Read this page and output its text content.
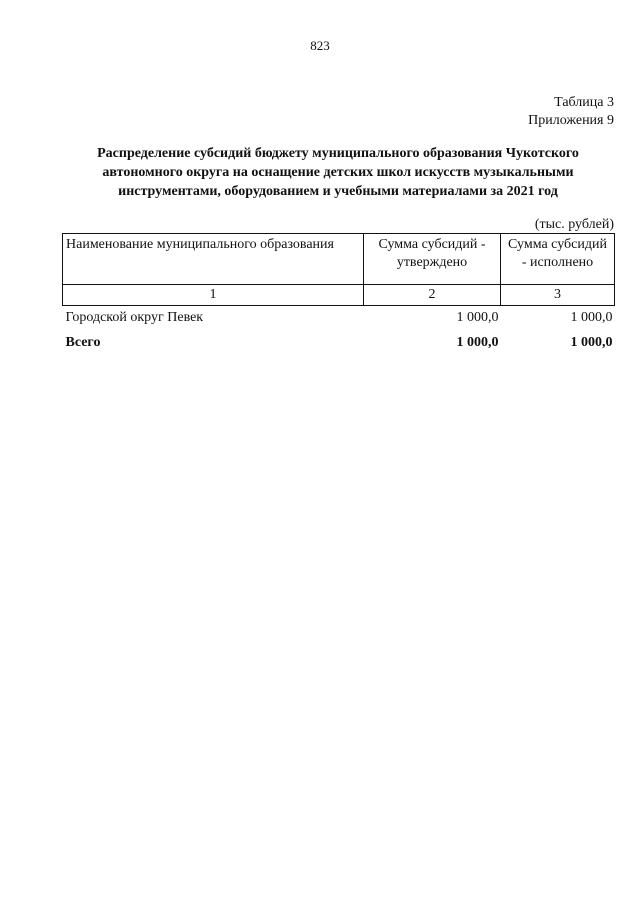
823
Таблица 3
Приложения 9
Распределение субсидий бюджету муниципального образования Чукотского автономного округа на оснащение детских школ искусств музыкальными инструментами, оборудованием и учебными материалами за 2021 год
(тыс. рублей)
Наименование муниципального образования	Сумма субсидий - утверждено	Сумма субсидий - исполнено
1	2	3
Городской округ Певек	1 000,0	1 000,0
Всего	1 000,0	1 000,0
